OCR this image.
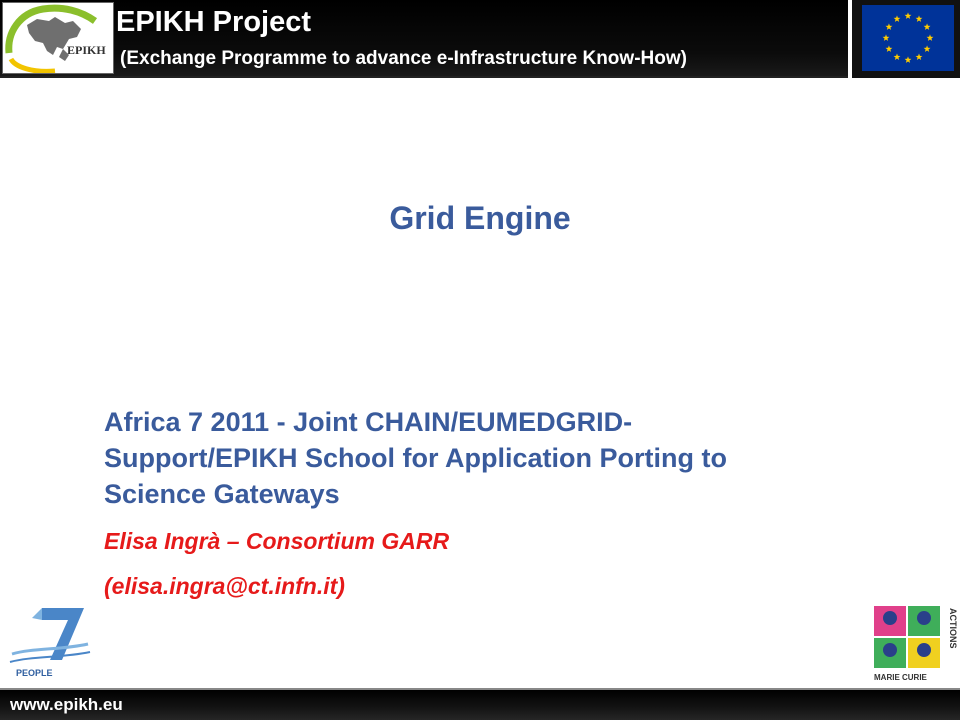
EPIKH Project

(Exchange Programme to advance e-Infrastructure Know-How)

EPIKH
Grid Engine

Africa 7 2011 - Joint CHAIN/EUMEDGRID-Support/EPIKH School for Application Porting to Science Gateways

Elisa Ingrà – Consortium GARR

(elisa.ingra@ct.infn.it)

PEOPLE
ACTIONS
MARIE CURIE
www.epikh.eu
